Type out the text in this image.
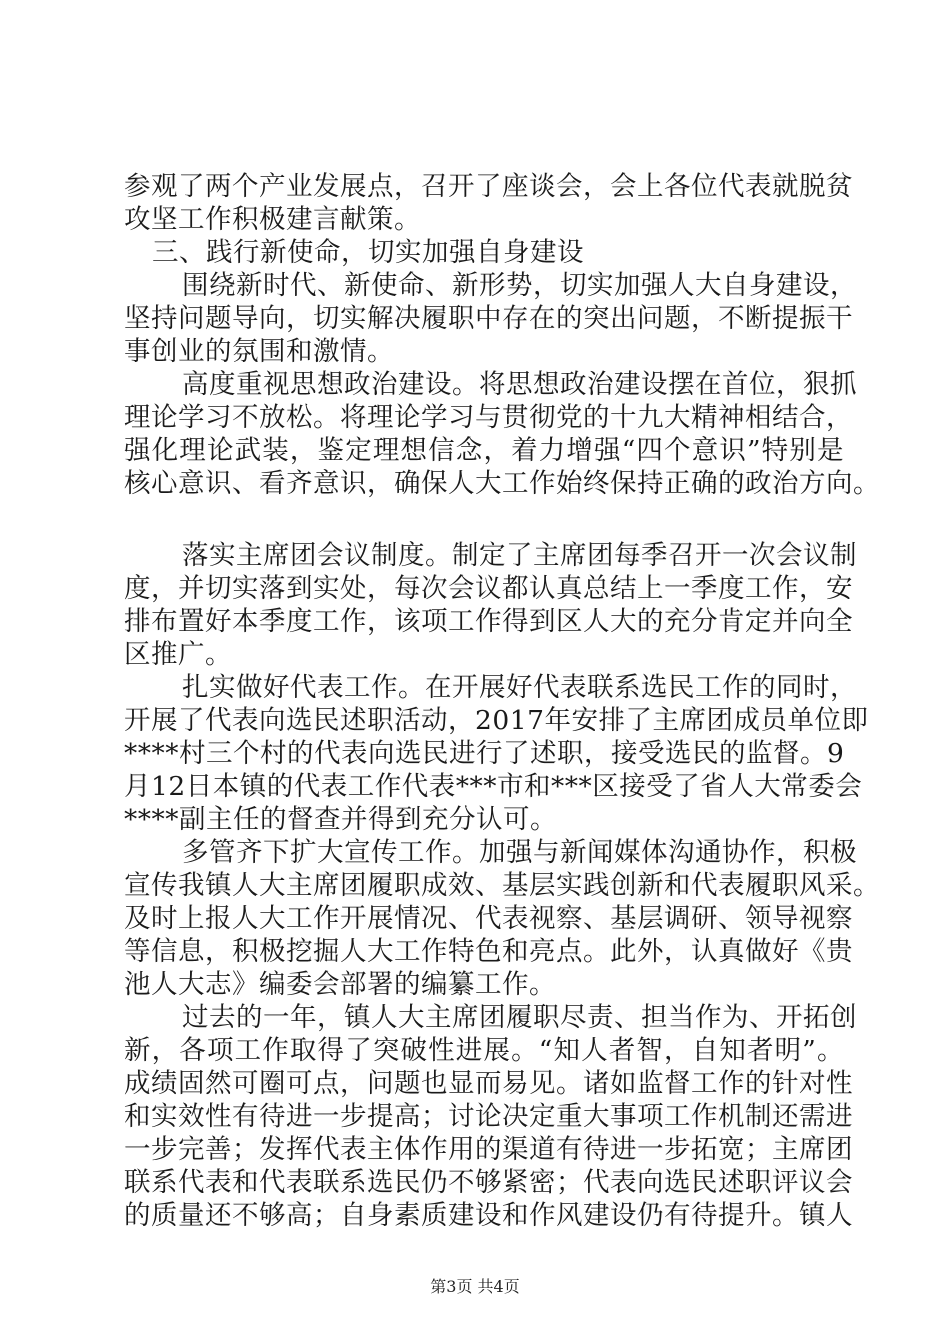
参观了两个产业发展点，召开了座谈会，会上各位代表就脱贫
攻坚工作积极建言献策。
三、践行新使命，切实加强自身建设
围绕新时代、新使命、新形势，切实加强人大自身建设，
坚持问题导向，切实解决履职中存在的突出问题，不断提振干
事创业的氛围和激情。
高度重视思想政治建设。将思想政治建设摆在首位，狠抓
理论学习不放松。将理论学习与贯彻党的十九大精神相结合，
强化理论武装，鉴定理想信念，着力增强“四个意识”特别是
核心意识、看齐意识，确保人大工作始终保持正确的政治方向。
落实主席团会议制度。制定了主席团每季召开一次会议制
度，并切实落到实处，每次会议都认真总结上一季度工作，安
排布置好本季度工作，该项工作得到区人大的充分肯定并向全
区推广。
扎实做好代表工作。在开展好代表联系选民工作的同时，
开展了代表向选民述职活动，2017年安排了主席团成员单位即
****村三个村的代表向选民进行了述职，接受选民的监督。9
月12日本镇的代表工作代表***市和***区接受了省人大常委会
****副主任的督查并得到充分认可。
多管齐下扩大宣传工作。加强与新闻媒体沟通协作，积极
宣传我镇人大主席团履职成效、基层实践创新和代表履职风采。
及时上报人大工作开展情况、代表视察、基层调研、领导视察
等信息，积极挖掘人大工作特色和亮点。此外，认真做好《贵
池人大志》编委会部署的编纂工作。
过去的一年，镇人大主席团履职尽责、担当作为、开拓创
新，各项工作取得了突破性进展。“知人者智，自知者明”。
成绩固然可圈可点，问题也显而易见。诸如监督工作的针对性
和实效性有待进一步提高；讨论决定重大事项工作机制还需进
一步完善；发挥代表主体作用的渠道有待进一步拓宽；主席团
联系代表和代表联系选民仍不够紧密；代表向选民述职评议会
的质量还不够高；自身素质建设和作风建设仍有待提升。镇人
第3页 共4页
